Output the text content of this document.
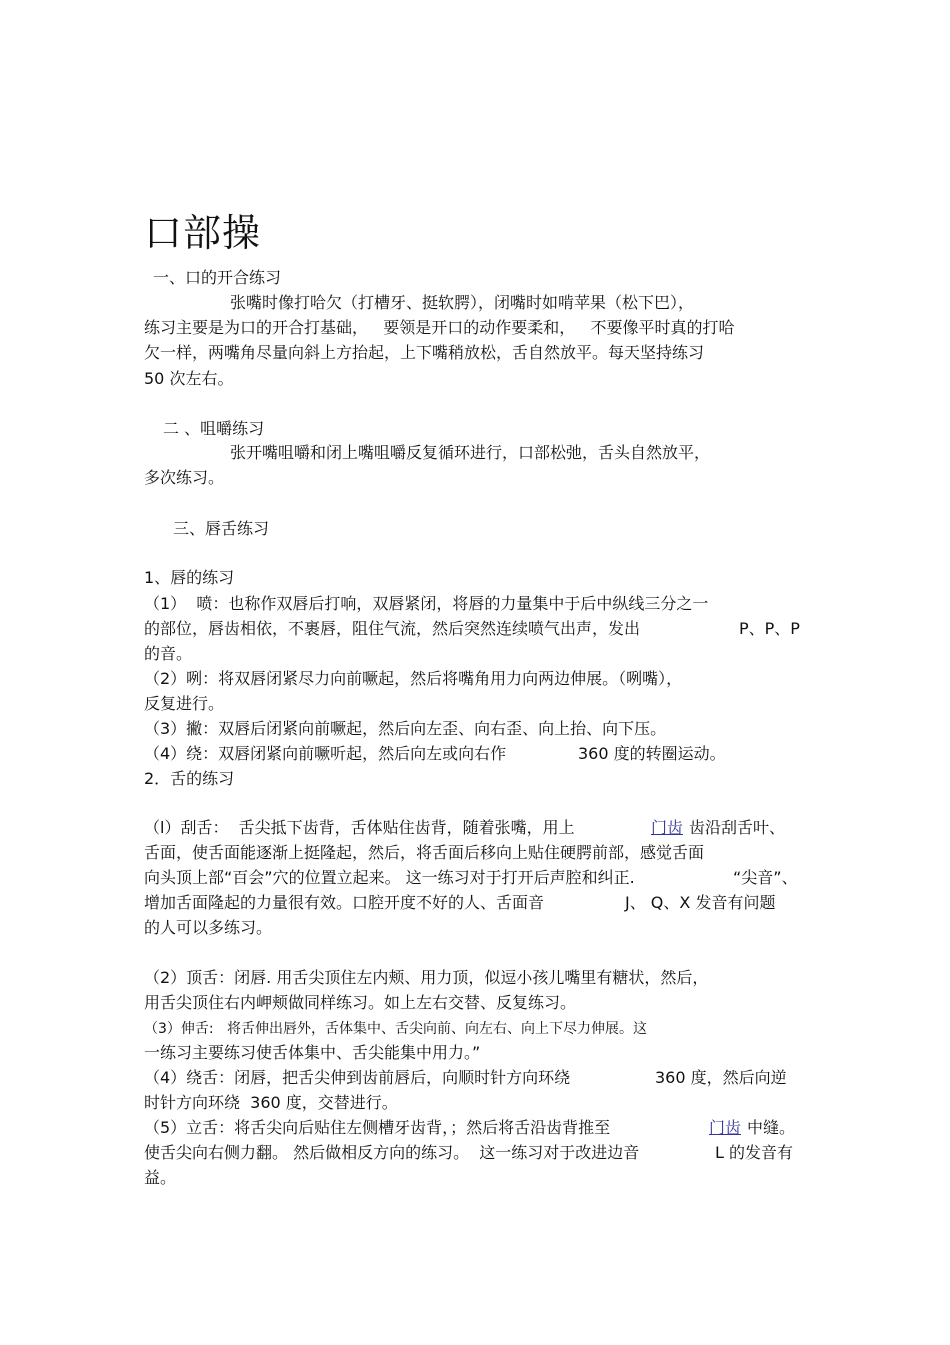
口部操

一、口的开合练习

张嘴时像打哈欠（打槽牙、挺软腭），闭嘴时如啃苹果（松下巴），

练习主要是为口的开合打基础，   要领是开口的动作要柔和，   不要像平时真的打哈

欠一样，两嘴角尽量向斜上方抬起，上下嘴稍放松，舌自然放平。每天坚持练习

50 次左右。

二 、咀嚼练习

张开嘴咀嚼和闭上嘴咀嚼反复循环进行，口部松弛，舌头自然放平，

多次练习。

三、唇舌练习

1、唇的练习

（1）  喷：也称作双唇后打响，双唇紧闭，将唇的力量集中于后中纵线三分之一

的部位，唇齿相依，不裹唇，阻住气流，然后突然连续喷气出声，发出	P、P、P

的音。

（2）咧：将双唇闭紧尽力向前噘起，然后将嘴角用力向两边伸展。（咧嘴），

反复进行。

（3）撇：双唇后闭紧向前噘起，然后向左歪、向右歪、向上抬、向下压。

（4）绕：双唇闭紧向前噘听起，然后向左或向右作	360 度的转圈运动。

2．舌的练习

（l）刮舌：  舌尖抵下齿背，舌体贴住齿背，随着张嘴，用上	门齿 齿沿刮舌叶、

舌面，使舌面能逐渐上挺隆起，然后，将舌面后移向上贴住硬腭前部，感觉舌面

向头顶上部“百会”穴的位置立起来。 这一练习对于打开后声腔和纠正.	“尖音”、

增加舌面隆起的力量很有效。口腔开度不好的人、舌面音	J、 Q、X 发音有问题

的人可以多练习。

（2）顶舌：闭唇. 用舌尖顶住左内颊、用力顶，似逗小孩儿嘴里有糖状，然后，

用舌尖顶住右内岬颊做同样练习。如上左右交替、反复练习。

（3）伸舌:   将舌伸出唇外，舌体集中、舌尖向前、向左右、向上下尽力伸展。这

一练习主要练习使舌体集中、舌尖能集中用力。”

（4）绕舌：闭唇，把舌尖伸到齿前唇后，向顺时针方向环绕	360 度，然后向逆

时针方向环绕  360 度，交替进行。

（5）立舌：将舌尖向后贴住左侧槽牙齿背，；然后将舌沿齿背推至	门齿 中缝。

使舌尖向右侧力翻。 然后做相反方向的练习。  这一练习对于改进边音	L 的发音有

益。
